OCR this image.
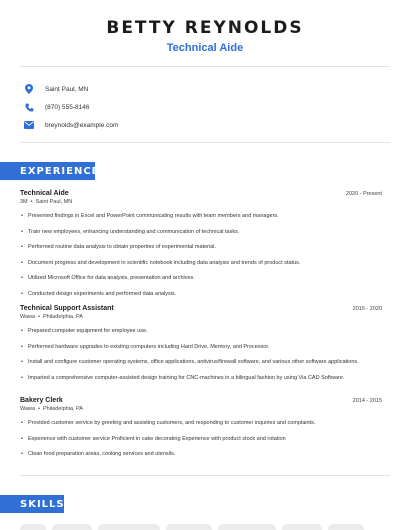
BETTY REYNOLDS
Technical Aide
Saint Paul, MN
(870) 555-8146
breynolds@example.com
EXPERIENCE
Technical Aide	2020 - Present
3M • Saint Paul, MN
• Presented findings in Excel and PowerPoint communicating results with team members and managers.
• Train new employees, enhancing understanding and communication of technical tasks.
• Performed routine data analysis to obtain properties of experimental material.
• Document progress and development in scientific notebook including data analysis and trends of product status.
• Utilized Microsoft Office for data analysis, presentation and archives.
• Conducted design experiments and performed data analysis.
Technical Support Assistant	2015 - 2020
Wawa • Philadelphia, PA
• Prepared computer equipment for employee use.
• Performed hardware upgrades to existing computers including Hard Drive, Memory, and Processor.
• Install and configure customer operating systems, office applications, antivirus/firewall software, and various other software applications.
• Imparted a comprehensive computer-assisted design training for CNC-machines in a bilingual fashion by using Via CAD Software.
Bakery Clerk	2014 - 2015
Wawa • Philadelphia, PA
• Provided customer service by greeting and assisting customers, and responding to customer inquiries and complaints.
• Experience with customer service Proficient in cake decorating Experience with product stock and rotation
• Clean food preparation areas, cooking services and utensils.
SKILLS
